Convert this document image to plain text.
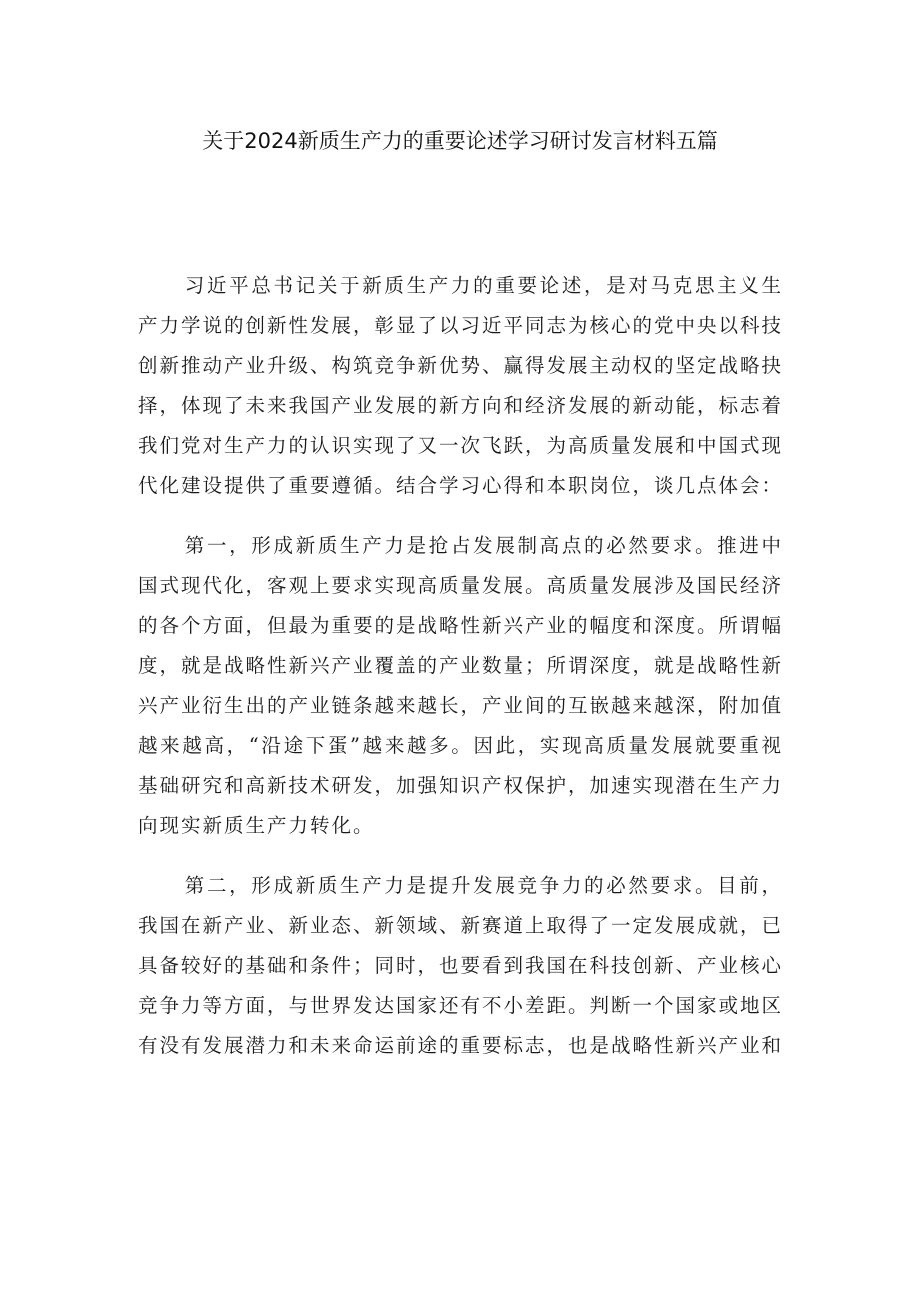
关于2024新质生产力的重要论述学习研讨发言材料五篇

习近平总书记关于新质生产力的重要论述，是对马克思主义生产力学说的创新性发展，彰显了以习近平同志为核心的党中央以科技创新推动产业升级、构筑竞争新优势、赢得发展主动权的坚定战略抉择，体现了未来我国产业发展的新方向和经济发展的新动能，标志着我们党对生产力的认识实现了又一次飞跃，为高质量发展和中国式现代化建设提供了重要遵循。结合学习心得和本职岗位，谈几点体会：

第一，形成新质生产力是抢占发展制高点的必然要求。推进中国式现代化，客观上要求实现高质量发展。高质量发展涉及国民经济的各个方面，但最为重要的是战略性新兴产业的幅度和深度。所谓幅度，就是战略性新兴产业覆盖的产业数量；所谓深度，就是战略性新兴产业衍生出的产业链条越来越长，产业间的互嵌越来越深，附加值越来越高，“沿途下蛋”越来越多。因此，实现高质量发展就要重视基础研究和高新技术研发，加强知识产权保护，加速实现潜在生产力向现实新质生产力转化。

第二，形成新质生产力是提升发展竞争力的必然要求。目前，我国在新产业、新业态、新领域、新赛道上取得了一定发展成就，已具备较好的基础和条件；同时，也要看到我国在科技创新、产业核心竞争力等方面，与世界发达国家还有不小差距。判断一个国家或地区有没有发展潜力和未来命运前途的重要标志，也是战略性新兴产业和
